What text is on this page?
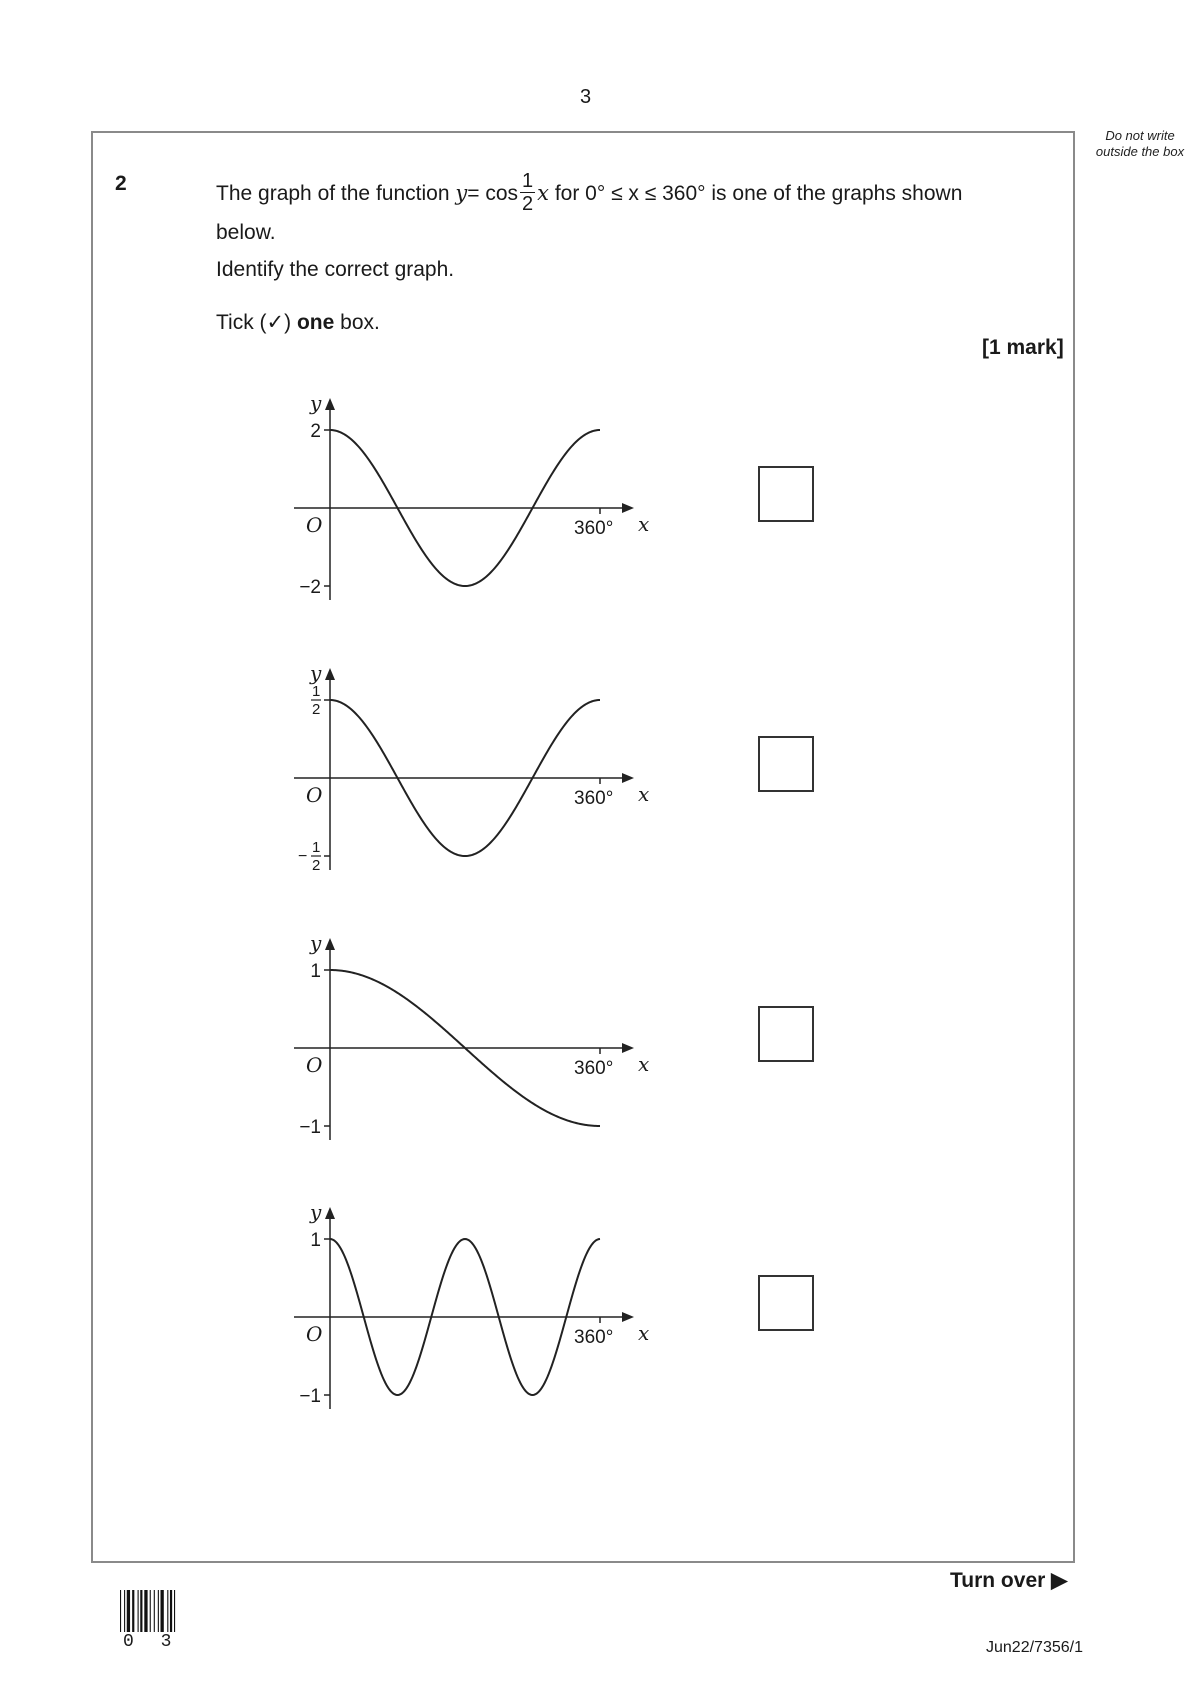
3
Do not write outside the box
2	The graph of the function $y= \cos \frac{1}{2}$ x for 0° ≤ x ≤ 360° is one of the graphs shown
below.
Identify the correct graph.
Tick (✓) one box.
[1 mark]
y
x
O	360°
2
−2
y
x
O	360°
1
2
−
1
2
y
x
O	360°
1
−1
y
x
O	360°
1
−1
Turn over ▶
Jun22/7356/1
0 3
